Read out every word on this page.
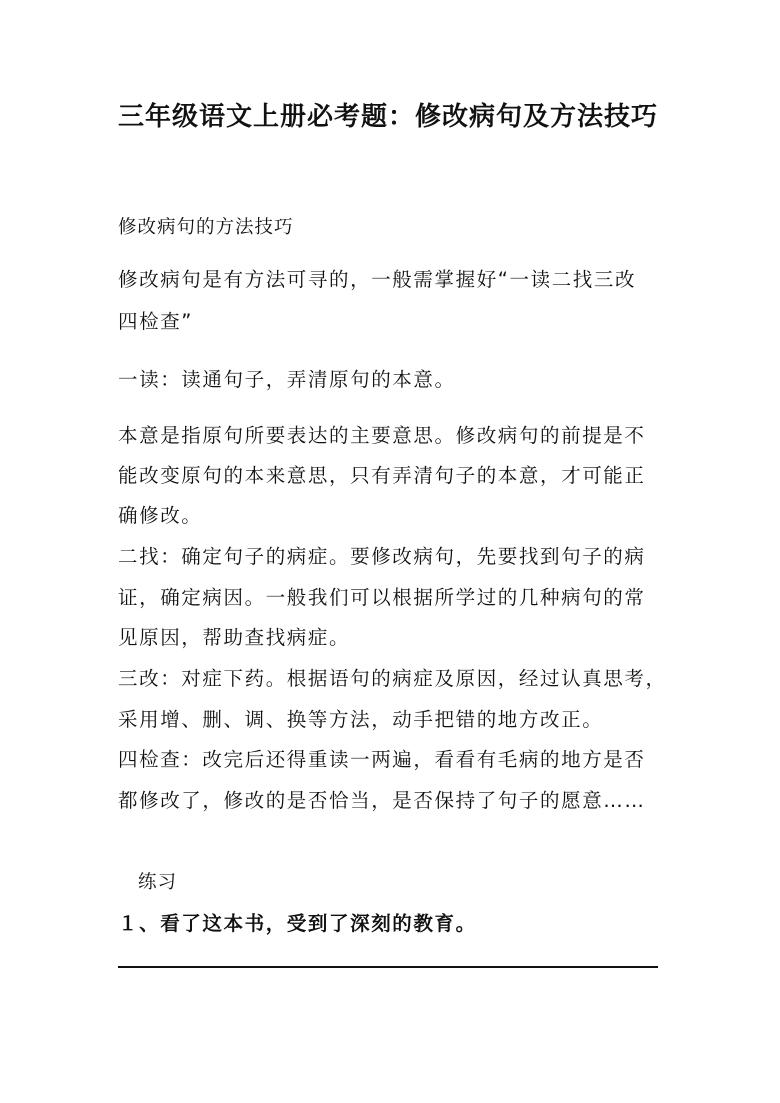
三年级语文上册必考题：修改病句及方法技巧

修改病句的方法技巧

修改病句是有方法可寻的，一般需掌握好“一读二找三改

四检查”

一读：读通句子，弄清原句的本意。

本意是指原句所要表达的主要意思。修改病句的前提是不

能改变原句的本来意思，只有弄清句子的本意，才可能正

确修改。

二找：确定句子的病症。要修改病句，先要找到句子的病

证，确定病因。一般我们可以根据所学过的几种病句的常

见原因，帮助查找病症。

三改：对症下药。根据语句的病症及原因，经过认真思考，

采用增、删、调、换等方法，动手把错的地方改正。

四检查：改完后还得重读一两遍，看看有毛病的地方是否

都修改了，修改的是否恰当，是否保持了句子的愿意……

练习

１、看了这本书，受到了深刻的教育。
